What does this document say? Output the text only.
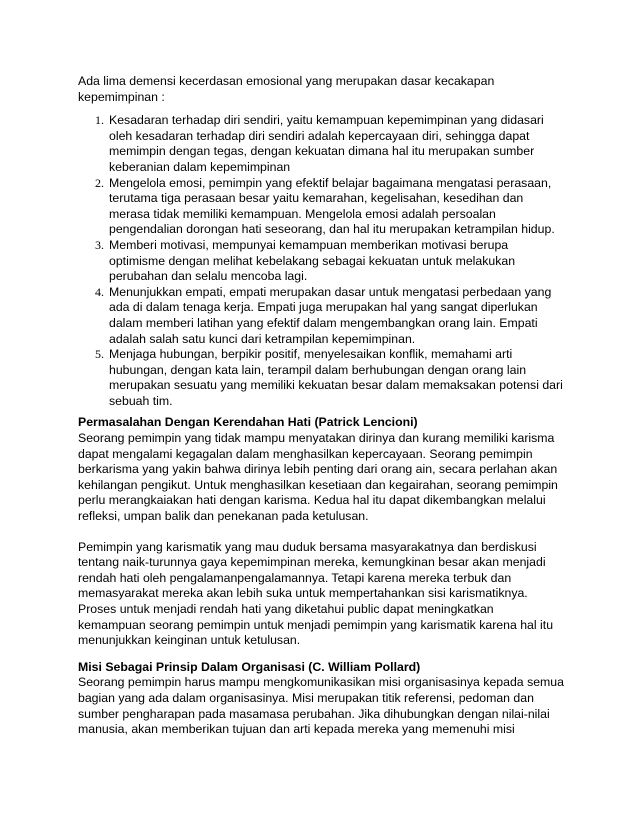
Ada lima demensi kecerdasan emosional yang merupakan dasar kecakapan kepemimpinan :

1. Kesadaran terhadap diri sendiri, yaitu kemampuan kepemimpinan yang didasari oleh kesadaran terhadap diri sendiri adalah kepercayaan diri, sehingga dapat memimpin dengan tegas, dengan kekuatan dimana hal itu merupakan sumber keberanian dalam kepemimpinan
2. Mengelola emosi, pemimpin yang efektif belajar bagaimana mengatasi perasaan, terutama tiga perasaan besar yaitu kemarahan, kegelisahan, kesedihan dan merasa tidak memiliki kemampuan. Mengelola emosi adalah persoalan pengendalian dorongan hati seseorang, dan hal itu merupakan ketrampilan hidup.
3. Memberi motivasi, mempunyai kemampuan memberikan motivasi berupa optimisme dengan melihat kebelakang sebagai kekuatan untuk melakukan perubahan dan selalu mencoba lagi.
4. Menunjukkan empati, empati merupakan dasar untuk mengatasi perbedaan yang ada di dalam tenaga kerja. Empati juga merupakan hal yang sangat diperlukan dalam memberi latihan yang efektif dalam mengembangkan orang lain. Empati adalah salah satu kunci dari ketrampilan kepemimpinan.
5. Menjaga hubungan, berpikir positif, menyelesaikan konflik, memahami arti hubungan, dengan kata lain, terampil dalam berhubungan dengan orang lain merupakan sesuatu yang memiliki kekuatan besar dalam memaksakan potensi dari sebuah tim.

Permasalahan Dengan Kerendahan Hati (Patrick Lencioni)

Seorang pemimpin yang tidak mampu menyatakan dirinya dan kurang memiliki karisma dapat mengalami kegagalan dalam menghasilkan kepercayaan. Seorang pemimpin berkarisma yang yakin bahwa dirinya lebih penting dari orang ain, secara perlahan akan kehilangan pengikut. Untuk menghasilkan kesetiaan dan kegairahan, seorang pemimpin perlu merangkaiakan hati dengan karisma. Kedua hal itu dapat dikembangkan melalui refleksi, umpan balik dan penekanan pada ketulusan.

Pemimpin yang karismatik yang mau duduk bersama masyarakatnya dan berdiskusi tentang naik-turunnya gaya kepemimpinan mereka, kemungkinan besar akan menjadi rendah hati oleh pengalamanpengalamannya. Tetapi karena mereka terbuk dan memasyarakat mereka akan lebih suka untuk mempertahankan sisi karismatiknya. Proses untuk menjadi rendah hati yang diketahui public dapat meningkatkan kemampuan seorang pemimpin untuk menjadi pemimpin yang karismatik karena hal itu menunjukkan keinginan untuk ketulusan.

Misi Sebagai Prinsip Dalam Organisasi (C. William Pollard)

Seorang pemimpin harus mampu mengkomunikasikan misi organisasinya kepada semua bagian yang ada dalam organisasinya. Misi merupakan titik referensi, pedoman dan sumber pengharapan pada masamasa perubahan. Jika dihubungkan dengan nilai-nilai manusia, akan memberikan tujuan dan arti kepada mereka yang memenuhi misi
